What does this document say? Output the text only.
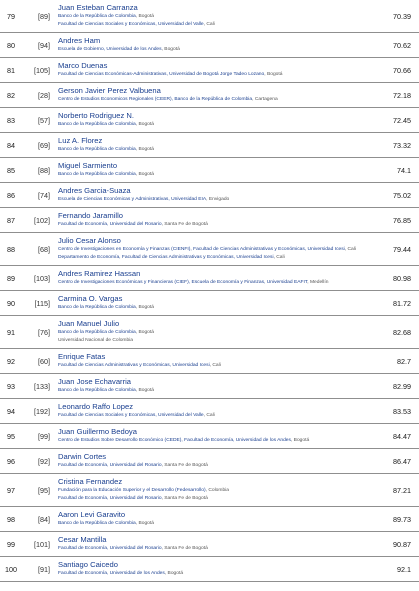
79	[89]
Juan Esteban Carranza
Banco de la República de Colombia, Bogotá
Facultad de Ciencias Sociales y Económicas, Universidad del Valle, Cali
70.39
80	[94]
Andres Ham
Escuela de Gobierno, Universidad de los Andes, Bogotá	70.62
81	[105]
Marco Duenas
Facultad de Ciencias Económicas-Administrativas, Universidad de Bogotá Jorge Tadeo Lozano, Bogotá	70.66
82	[28]
Gerson Javier Perez Valbuena
Centro de Estudios Economicos Regionales (CEER), Banco de la República de Colombia, Cartagena	72.18
83	[57]
Norberto Rodriguez N.
Banco de la República de Colombia, Bogotá	72.45
84	[69]
Luz A. Florez
Banco de la República de Colombia, Bogotá	73.32
85	[88]
Miguel Sarmiento
Banco de la República de Colombia, Bogotá	74.1
86	[74]
Andres Garcia-Suaza
Escuela de Ciencias Económicas y Administrativas, Universidad EIA, Envigado	75.02
87	[102]
Fernando Jaramillo
Facultad de Economía, Universidad del Rosario, Santa Fe de Bogotá	76.85
88	[68]
Julio Cesar Alonso
Centro de Investigaciones en Economía y Finanzas (CIENFI), Facultad de Ciencias Administrativas y Económicas, Universidad Icesi, Cali
Departamento de Economía, Facultad de Ciencias Administrativas y Económicas, Universidad Icesi, Cali
79.44
89	[103]
Andres Ramirez Hassan
Centro de Investigaciones Económicas y Financieras (CIEF), Escuela de Economía y Finanzas, Universidad EAFIT, Medellín	80.98
90	[115]
Carmina O. Vargas
Banco de la República de Colombia, Bogotá	81.72
91	[76]
Juan Manuel Julio
Banco de la República de Colombia, Bogotá
Universidad Nacional de Colombia
82.68
92	[60]
Enrique Fatas
Facultad de Ciencias Administrativas y Económicas, Universidad Icesi, Cali	82.7
93	[133]
Juan Jose Echavarria
Banco de la República de Colombia, Bogotá	82.99
94	[192]
Leonardo Raffo Lopez
Facultad de Ciencias Sociales y Económicas, Universidad del Valle, Cali	83.53
95	[99]
Juan Guillermo Bedoya
Centro de Estudios Sobre Desarrollo Económico (CEDE), Facultad de Economía, Universidad de los Andes, Bogotá	84.47
96	[92]
Darwin Cortes
Facultad de Economía, Universidad del Rosario, Santa Fe de Bogotá	86.47
97	[95]
Cristina Fernandez
Fundación para la Educación Superior y el Desarrollo (Fedesarrollo), Colombia
Facultad de Economía, Universidad del Rosario, Santa Fe de Bogotá
87.21
98	[84]
Aaron Levi Garavito
Banco de la República de Colombia, Bogotá	89.73
99	[101]
Cesar Mantilla
Facultad de Economía, Universidad del Rosario, Santa Fe de Bogotá	90.87
100	[91]
Santiago Caicedo
Facultad de Economía, Universidad de los Andes, Bogotá	92.1
